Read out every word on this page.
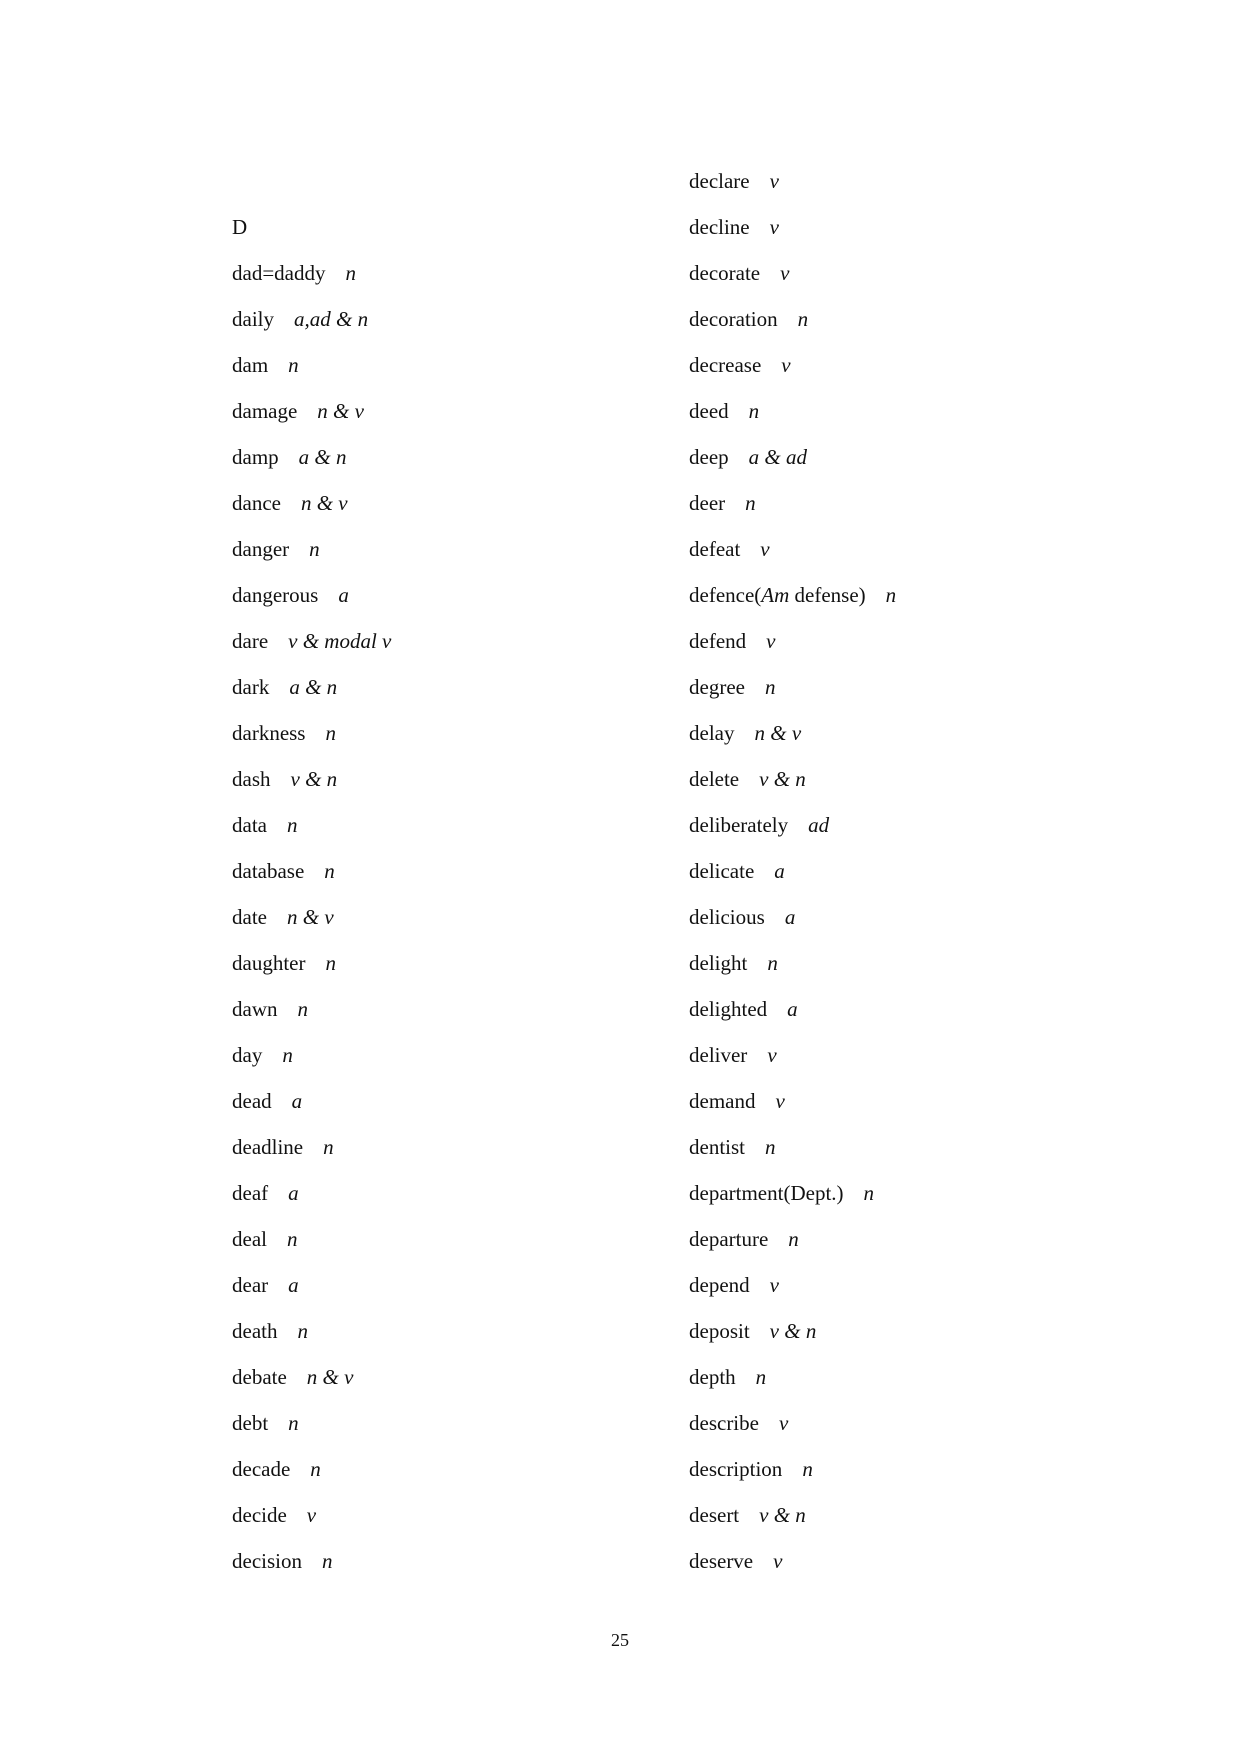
D
dad=daddy n
daily a,ad & n
dam n
damage n & v
damp a & n
dance n & v
danger n
dangerous a
dare v & modal v
dark a & n
darkness n
dash v & n
data n
database n
date n & v
daughter n
dawn n
day n
dead a
deadline n
deaf a
deal n
dear a
death n
debate n & v
debt n
decade n
decide v
decision n
declare v
decline v
decorate v
decoration n
decrease v
deed n
deep a & ad
deer n
defeat v
defence(Am defense) n
defend v
degree n
delay n & v
delete v & n
deliberately ad
delicate a
delicious a
delight n
delighted a
deliver v
demand v
dentist n
department(Dept.) n
departure n
depend v
deposit v & n
depth n
describe v
description n
desert v & n
deserve v
25
